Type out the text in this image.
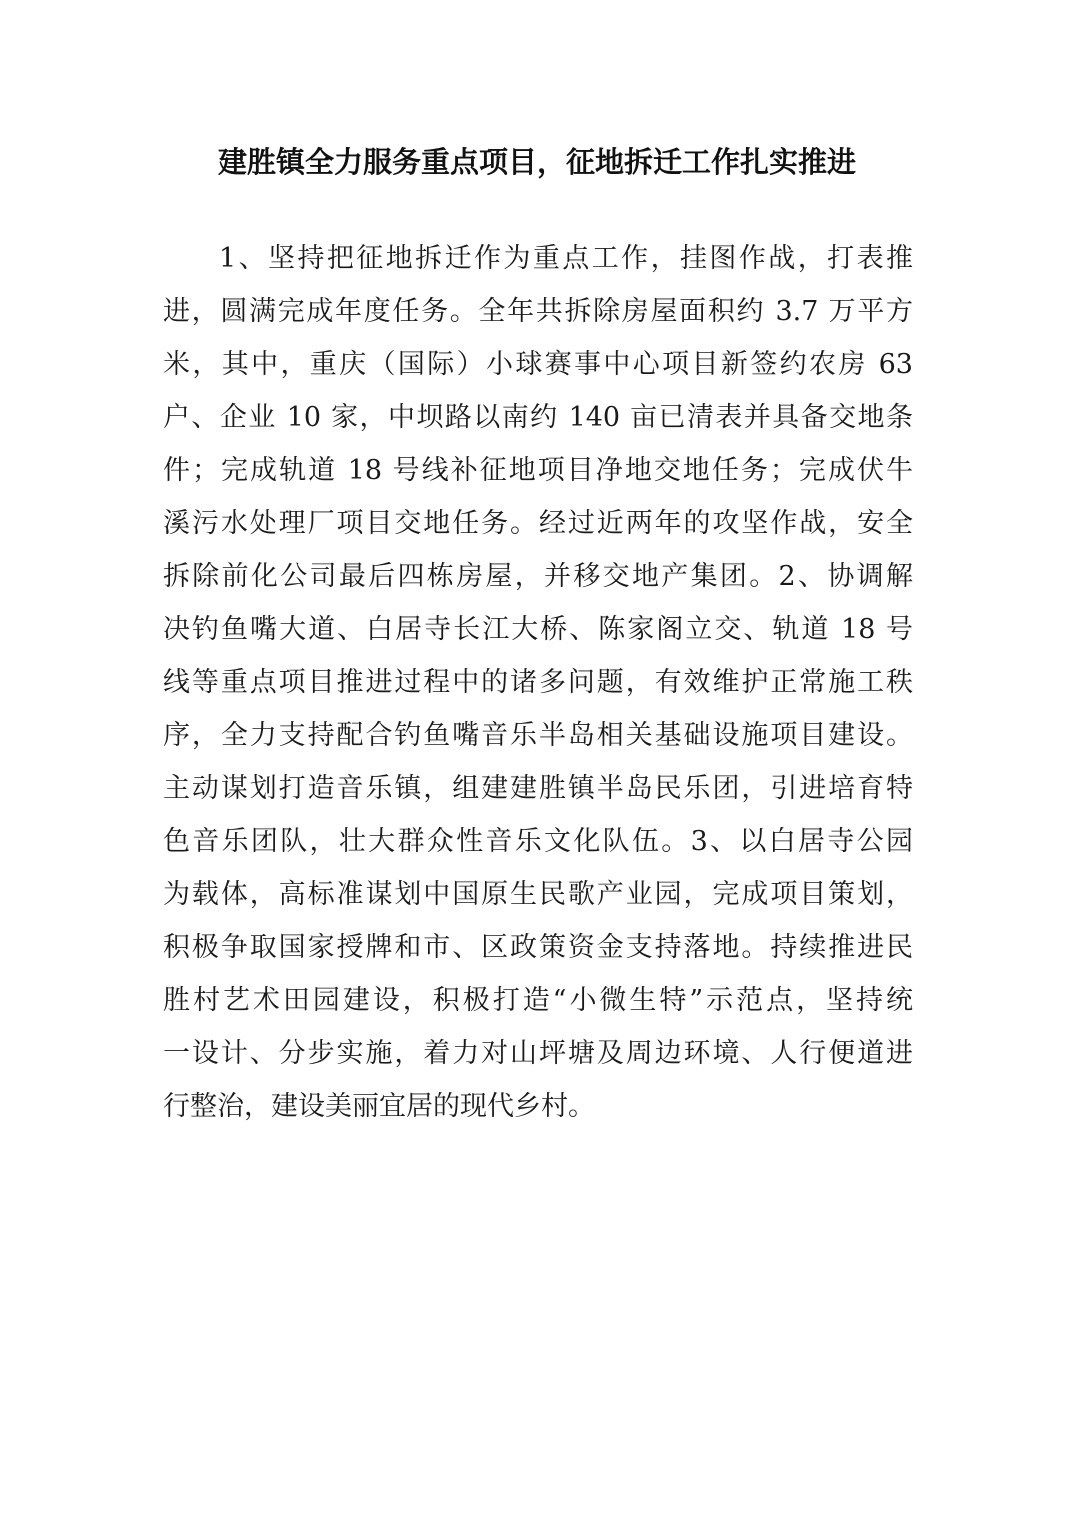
建胜镇全力服务重点项目，征地拆迁工作扎实推进
1、坚持把征地拆迁作为重点工作，挂图作战，打表推
进，圆满完成年度任务。全年共拆除房屋面积约 3.7 万平方
米，其中，重庆（国际）小球赛事中心项目新签约农房 63
户、企业 10 家，中坝路以南约 140 亩已清表并具备交地条
件；完成轨道 18 号线补征地项目净地交地任务；完成伏牛
溪污水处理厂项目交地任务。经过近两年的攻坚作战，安全
拆除前化公司最后四栋房屋，并移交地产集团。2、协调解
决钓鱼嘴大道、白居寺长江大桥、陈家阁立交、轨道 18 号
线等重点项目推进过程中的诸多问题，有效维护正常施工秩
序，全力支持配合钓鱼嘴音乐半岛相关基础设施项目建设。
主动谋划打造音乐镇，组建建胜镇半岛民乐团，引进培育特
色音乐团队，壮大群众性音乐文化队伍。3、以白居寺公园
为载体，高标准谋划中国原生民歌产业园，完成项目策划，
积极争取国家授牌和市、区政策资金支持落地。持续推进民
胜村艺术田园建设，积极打造“小微生特”示范点，坚持统
一设计、分步实施，着力对山坪塘及周边环境、人行便道进
行整治，建设美丽宜居的现代乡村。
